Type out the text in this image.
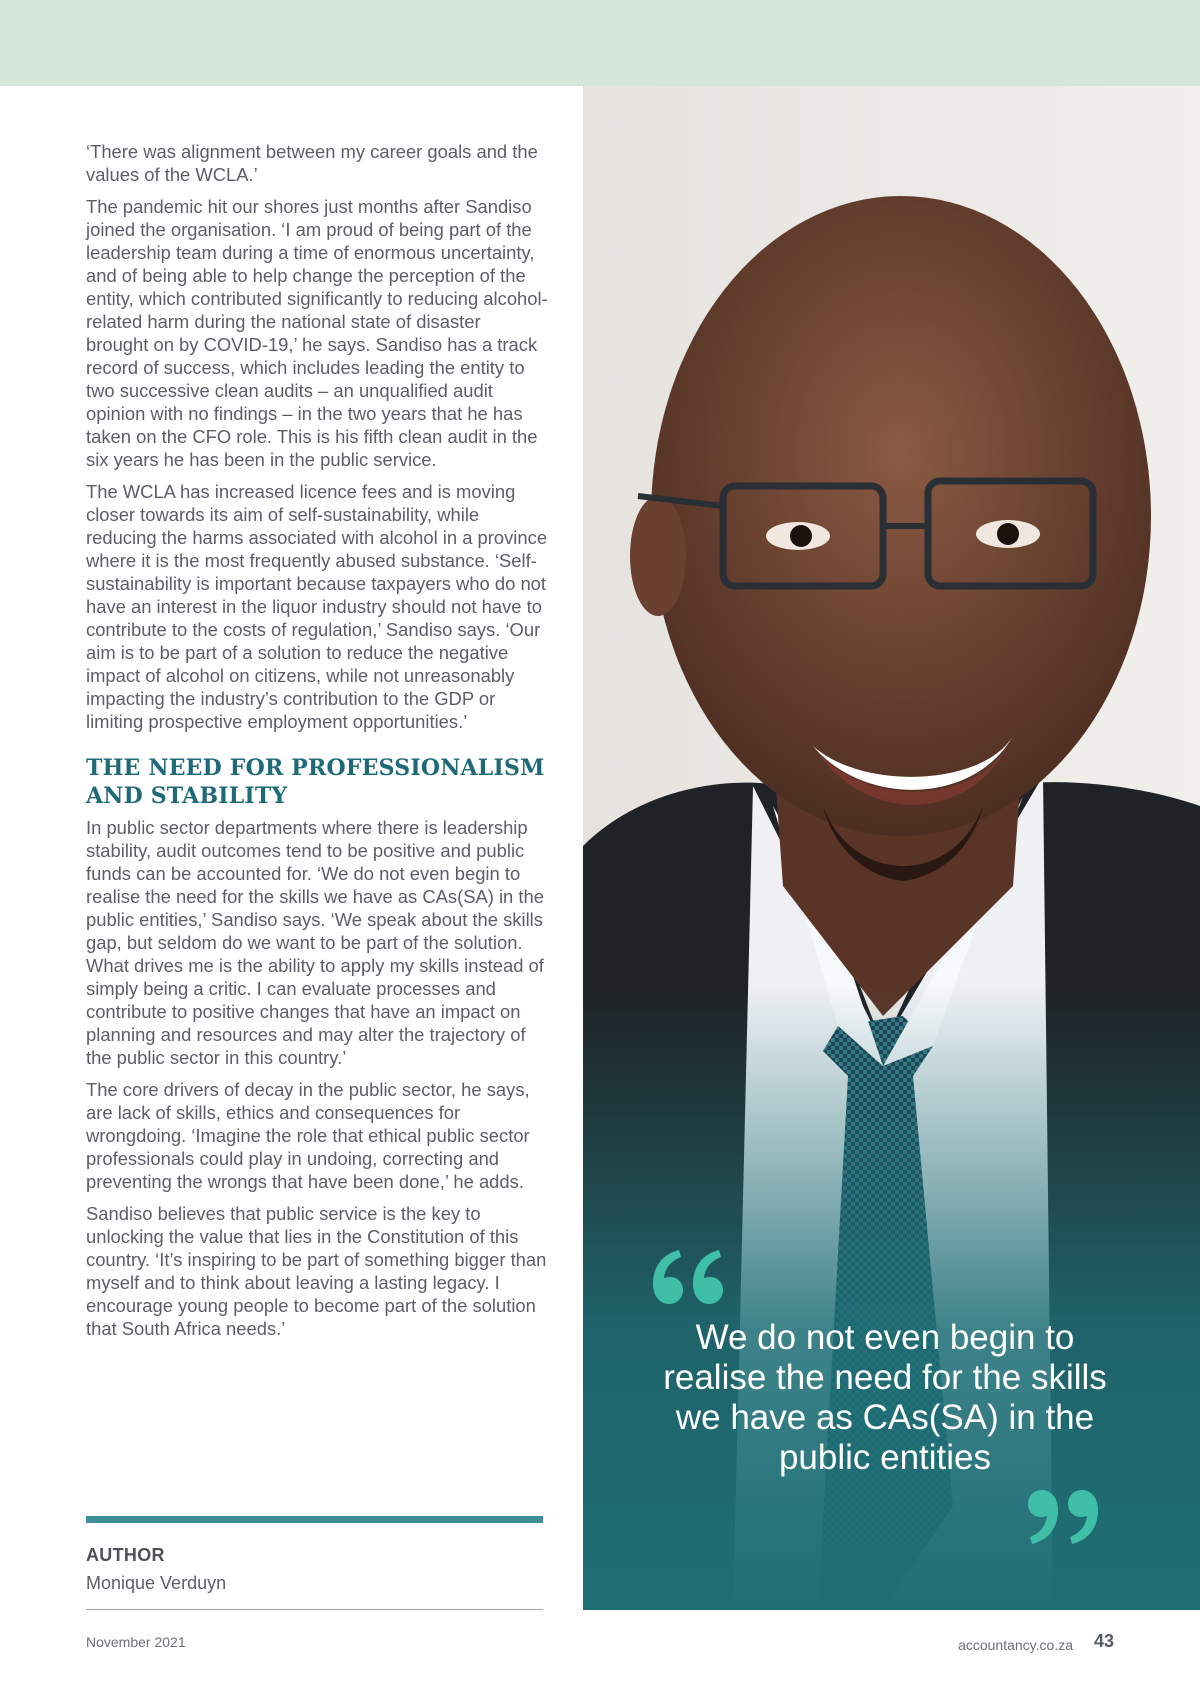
‘There was alignment between my career goals and the values of the WCLA.’

The pandemic hit our shores just months after Sandiso joined the organisation. ‘I am proud of being part of the leadership team during a time of enormous uncertainty, and of being able to help change the perception of the entity, which contributed significantly to reducing alcohol-related harm during the national state of disaster brought on by COVID-19,’ he says. Sandiso has a track record of success, which includes leading the entity to two successive clean audits – an unqualified audit opinion with no findings – in the two years that he has taken on the CFO role. This is his fifth clean audit in the six years he has been in the public service.

The WCLA has increased licence fees and is moving closer towards its aim of self-sustainability, while reducing the harms associated with alcohol in a province where it is the most frequently abused substance. ‘Self-sustainability is important because taxpayers who do not have an interest in the liquor industry should not have to contribute to the costs of regulation,’ Sandiso says. ‘Our aim is to be part of a solution to reduce the negative impact of alcohol on citizens, while not unreasonably impacting the industry’s contribution to the GDP or limiting prospective employment opportunities.’

THE NEED FOR PROFESSIONALISM AND STABILITY

In public sector departments where there is leadership stability, audit outcomes tend to be positive and public funds can be accounted for. ‘We do not even begin to realise the need for the skills we have as CAs(SA) in the public entities,’ Sandiso says. ‘We speak about the skills gap, but seldom do we want to be part of the solution. What drives me is the ability to apply my skills instead of simply being a critic. I can evaluate processes and contribute to positive changes that have an impact on planning and resources and may alter the trajectory of the public sector in this country.’

The core drivers of decay in the public sector, he says, are lack of skills, ethics and consequences for wrongdoing. ‘Imagine the role that ethical public sector professionals could play in undoing, correcting and preventing the wrongs that have been done,’ he adds.

Sandiso believes that public service is the key to unlocking the value that lies in the Constitution of this country. ‘It’s inspiring to be part of something bigger than myself and to think about leaving a lasting legacy. I encourage young people to become part of the solution that South Africa needs.’

AUTHOR
Monique Verduyn
We do not even begin to realise the need for the skills we have as CAs(SA) in the public entities
November 2021	accountancy.co.za 43
